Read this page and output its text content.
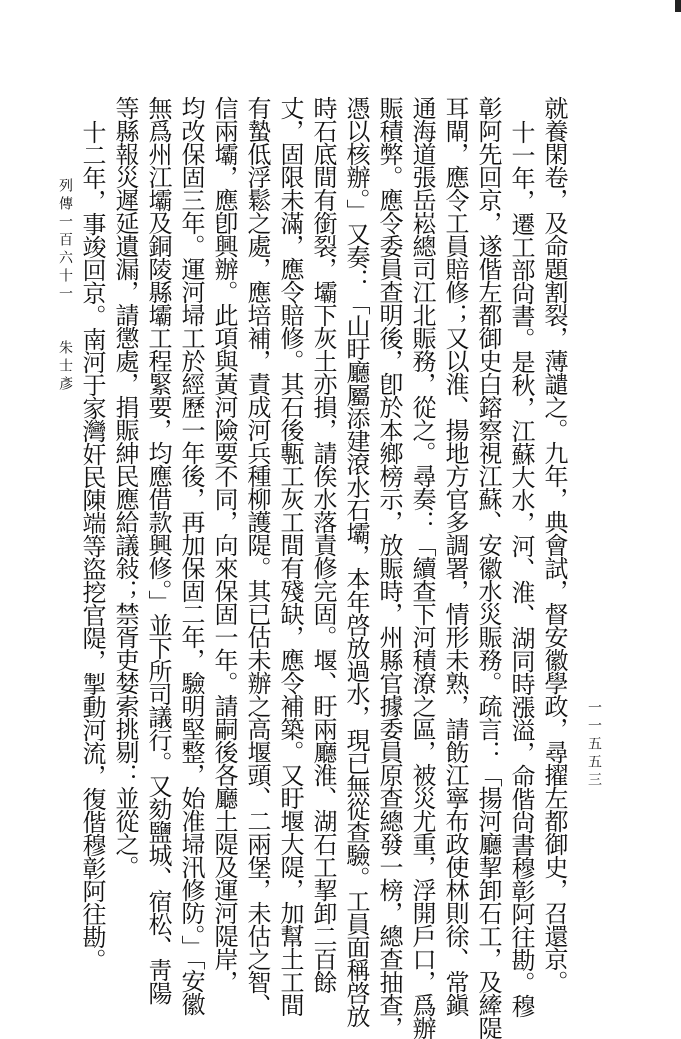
就養閑卷，及命題割裂，薄譴之。九年，典會試，督安徽學政，尋擢左都御史，召還京。
十一年，遷工部尙書。是秋，江蘇大水，河、淮、湖同時漲溢，命偕尙書穆彰阿往勘。穆
彰阿先回京，遂偕左都御史白鎔察視江蘇、安徽水災賑務。疏言：「揚河廳挈卸石工，及縴隄
耳閘，應令工員賠修；又以淮、揚地方官多調署，情形未熟，請飭江寧布政使林則徐、常鎭
通海道張岳崧總司江北賑務，從之。尋奏：「續查下河積潦之區，被災尤重，浮開戶口，爲辦
賑積弊。應令委員查明後，卽於本鄉榜示，放賑時，州縣官據委員原查總發一榜，總查抽查，
憑以核辦。」又奏：「山盱廳屬添建滾水石壩，本年啓放過水，現已無從查驗。工員面稱啓放
時石底間有銜裂，壩下灰土亦損，請俟水落責修完固。堰、盱兩廳淮、湖石工挈卸二百餘
丈，固限未滿，應令賠修。其石後甎工灰工間有殘缺，應令補築。又盱堰大隄，加幫土工間
有蟄低浮鬆之處，應培補，責成河兵種柳護隄。其已估未辦之高堰頭、二兩堡，未估之智、
信兩壩，應卽興辦。此項與黃河險要不同，向來保固一年。請嗣後各廳土隄及運河隄岸，
均改保固三年。運河埽工於經歷一年後，再加保固二年，驗明堅整，始准埽汛修防。」「安徽
無爲州江壩及銅陵縣壩工程緊要，均應借款興修。」並下所司議行。又劾鹽城、宿松、靑陽
等縣報災遲延遺漏，請懲處，捐賑紳民應給議敍；禁胥吏婪索挑剔：並從之。
十二年，事竣回京。南河于家灣奸民陳端等盜挖官隄，掣動河流，復偕穆彰阿往勘。
列傳一百六十一
朱士彥
一一五五三
